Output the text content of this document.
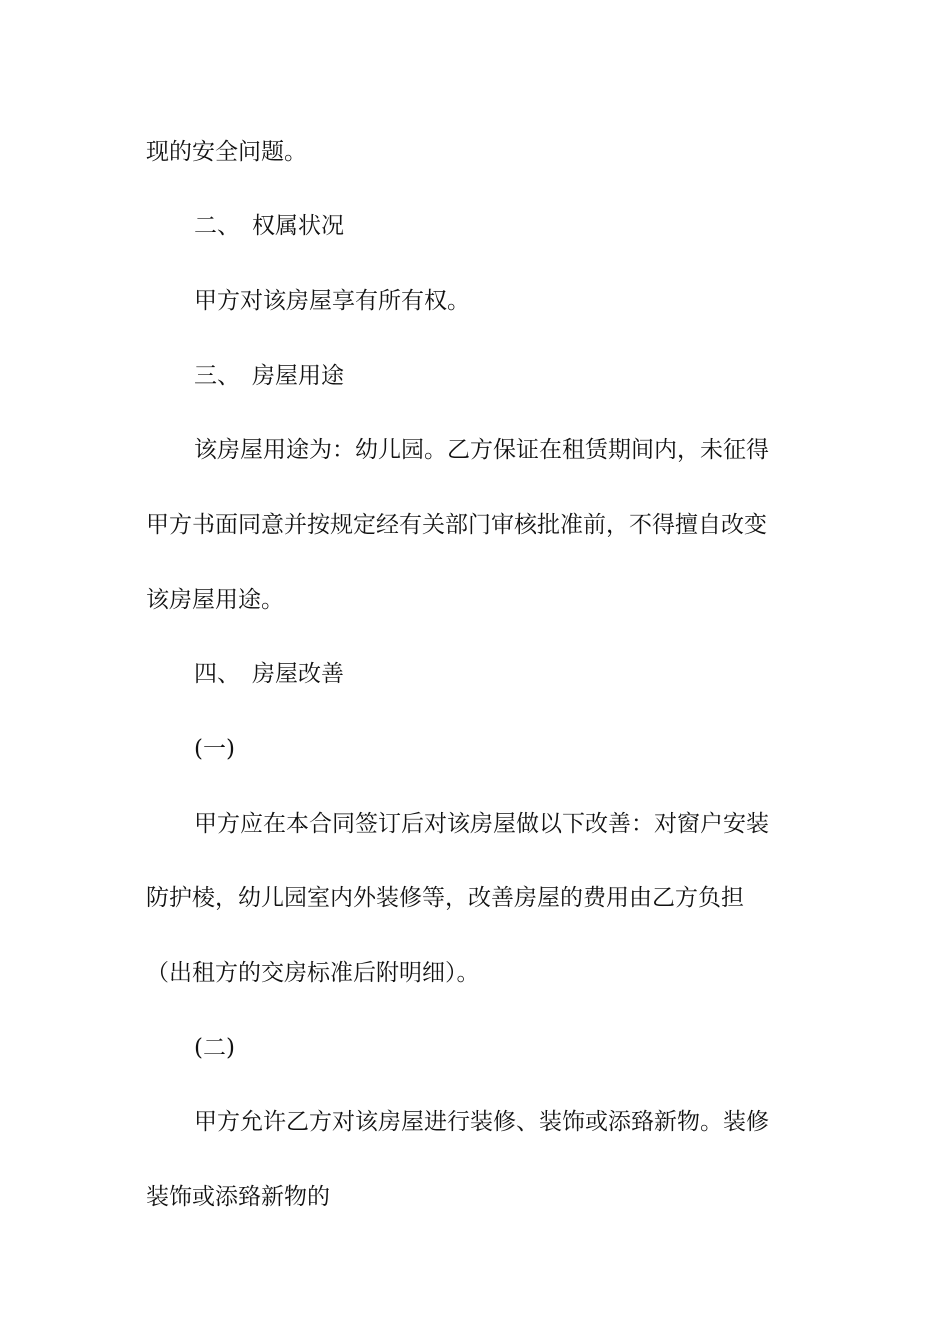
现的安全问题。
二、 权属状况
甲方对该房屋享有所有权。
三、 房屋用途
该房屋用途为：幼儿园。乙方保证在租赁期间内，未征得
甲方书面同意并按规定经有关部门审核批准前，不得擅自改变
该房屋用途。
四、 房屋改善
(一)
甲方应在本合同签订后对该房屋做以下改善：对窗户安装
防护棱，幼儿园室内外装修等，改善房屋的费用由乙方负担
（出租方的交房标准后附明细）。
(二)
甲方允许乙方对该房屋进行装修、装饰或添臵新物。装修
装饰或添臵新物的
